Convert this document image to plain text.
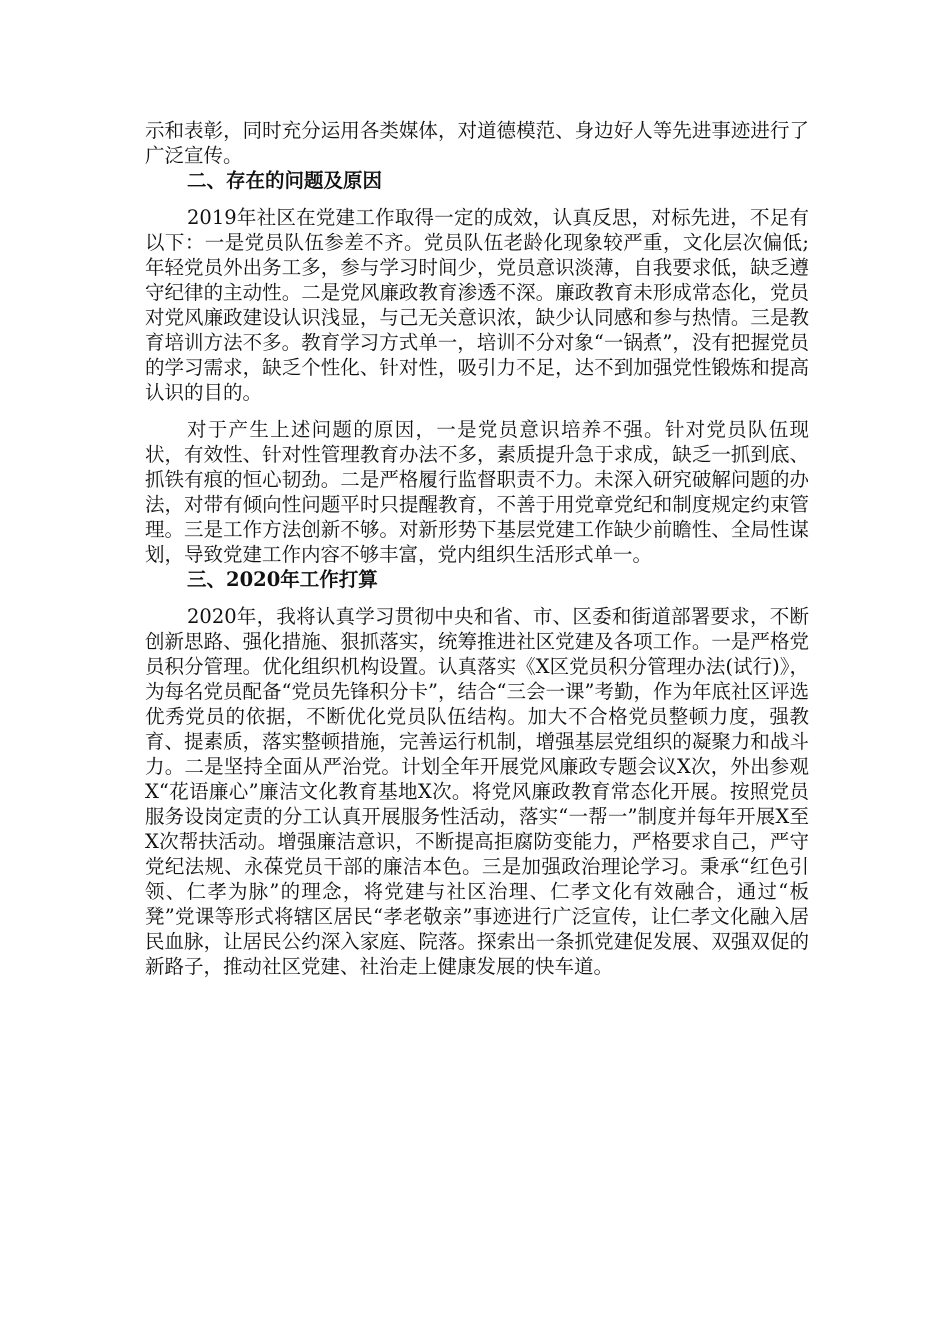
示和表彰，同时充分运用各类媒体，对道德模范、身边好人等先进事迹进行了广泛宣传。

二、存在的问题及原因

2019年社区在党建工作取得一定的成效，认真反思，对标先进，不足有以下：一是党员队伍参差不齐。党员队伍老龄化现象较严重，文化层次偏低;年轻党员外出务工多，参与学习时间少，党员意识淡薄，自我要求低，缺乏遵守纪律的主动性。二是党风廉政教育渗透不深。廉政教育未形成常态化，党员对党风廉政建设认识浅显，与己无关意识浓，缺少认同感和参与热情。三是教育培训方法不多。教育学习方式单一，培训不分对象“一锅煮”，没有把握党员的学习需求，缺乏个性化、针对性，吸引力不足，达不到加强党性锻炼和提高认识的目的。

对于产生上述问题的原因，一是党员意识培养不强。针对党员队伍现状，有效性、针对性管理教育办法不多，素质提升急于求成，缺乏一抓到底、抓铁有痕的恒心韧劲。二是严格履行监督职责不力。未深入研究破解问题的办法，对带有倾向性问题平时只提醒教育，不善于用党章党纪和制度规定约束管理。三是工作方法创新不够。对新形势下基层党建工作缺少前瞻性、全局性谋划，导致党建工作内容不够丰富，党内组织生活形式单一。

三、2020年工作打算

2020年，我将认真学习贯彻中央和省、市、区委和街道部署要求，不断创新思路、强化措施、狠抓落实，统筹推进社区党建及各项工作。一是严格党员积分管理。优化组织机构设置。认真落实《X区党员积分管理办法(试行)》，为每名党员配备“党员先锋积分卡”，结合“三会一课”考勤，作为年底社区评选优秀党员的依据，不断优化党员队伍结构。加大不合格党员整顿力度，强教育、提素质，落实整顿措施，完善运行机制，增强基层党组织的凝聚力和战斗力。二是坚持全面从严治党。计划全年开展党风廉政专题会议X次，外出参观X“花语廉心”廉洁文化教育基地X次。将党风廉政教育常态化开展。按照党员服务设岗定责的分工认真开展服务性活动，落实“一帮一”制度并每年开展X至X次帮扶活动。增强廉洁意识，不断提高拒腐防变能力，严格要求自己，严守党纪法规、永葆党员干部的廉洁本色。三是加强政治理论学习。秉承“红色引领、仁孝为脉”的理念，将党建与社区治理、仁孝文化有效融合，通过“板凳”党课等形式将辖区居民“孝老敬亲”事迹进行广泛宣传，让仁孝文化融入居民血脉，让居民公约深入家庭、院落。探索出一条抓党建促发展、双强双促的新路子，推动社区党建、社治走上健康发展的快车道。
